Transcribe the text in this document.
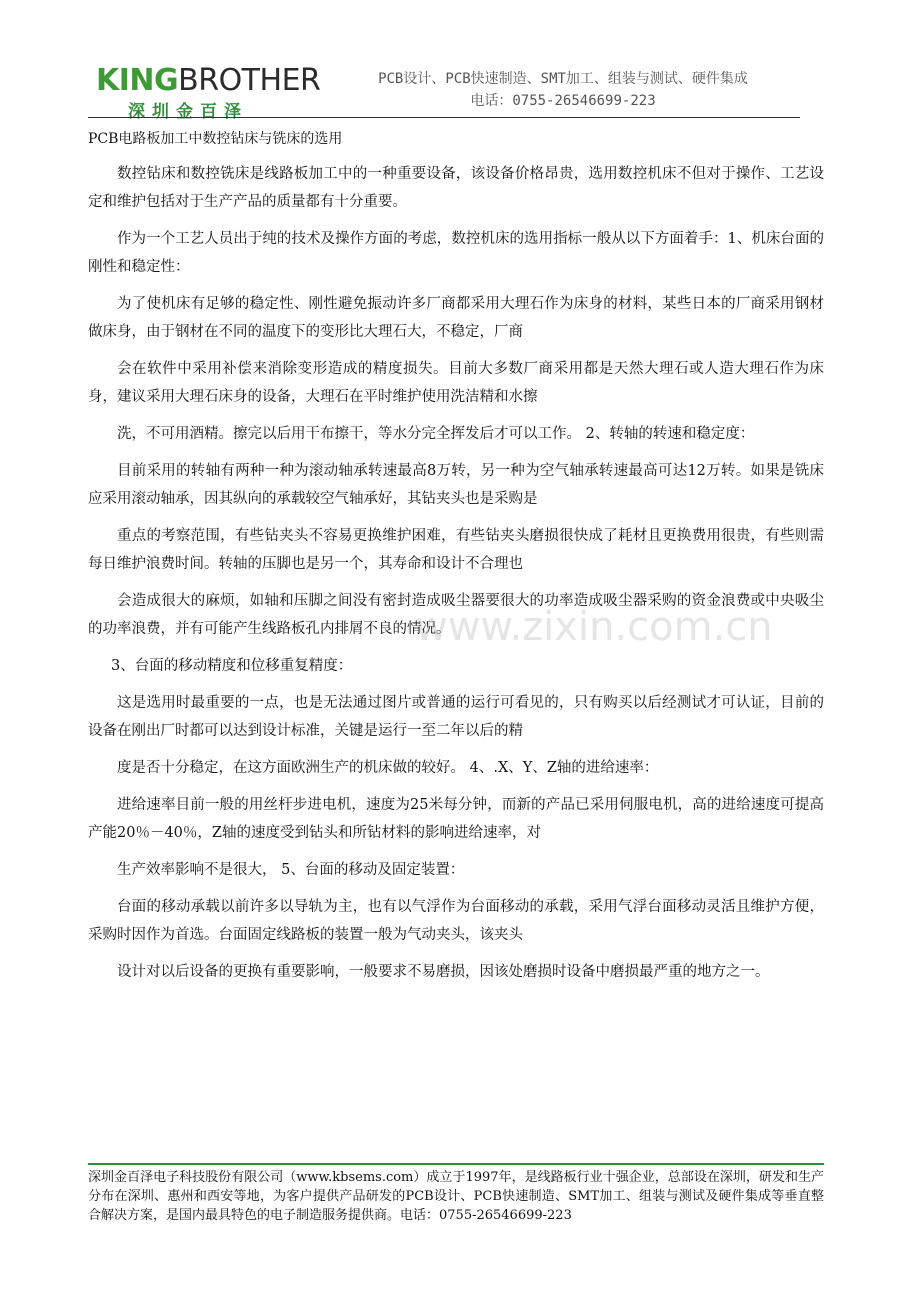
KINGBROTHER
深圳金百泽
PCB设计、PCB快速制造、SMT加工、组装与测试、硬件集成
电话：0755-26546699-223
PCB电路板加工中数控钻床与铣床的选用

数控钻床和数控铣床是线路板加工中的一种重要设备，该设备价格昂贵，选用数控机床不但对于操作、工艺设定和维护包括对于生产产品的质量都有十分重要。

作为一个工艺人员出于纯的技术及操作方面的考虑，数控机床的选用指标一般从以下方面着手：1、机床台面的刚性和稳定性：

为了使机床有足够的稳定性、刚性避免振动许多厂商都采用大理石作为床身的材料，某些日本的厂商采用钢材做床身，由于钢材在不同的温度下的变形比大理石大，不稳定，厂商

会在软件中采用补偿来消除变形造成的精度损失。目前大多数厂商采用都是天然大理石或人造大理石作为床身，建议采用大理石床身的设备，大理石在平时维护使用洗洁精和水擦

洗，不可用酒精。擦完以后用干布擦干，等水分完全挥发后才可以工作。 2、转轴的转速和稳定度：

目前采用的转轴有两种一种为滚动轴承转速最高8万转，另一种为空气轴承转速最高可达12万转。如果是铣床应采用滚动轴承，因其纵向的承载较空气轴承好，其钻夹头也是采购是

重点的考察范围，有些钻夹头不容易更换维护困难，有些钻夹头磨损很快成了耗材且更换费用很贵，有些则需每日维护浪费时间。转轴的压脚也是另一个，其寿命和设计不合理也

会造成很大的麻烦，如轴和压脚之间没有密封造成吸尘器要很大的功率造成吸尘器采购的资金浪费或中央吸尘的功率浪费，并有可能产生线路板孔内排屑不良的情况。

3、台面的移动精度和位移重复精度：

这是选用时最重要的一点，也是无法通过图片或普通的运行可看见的，只有购买以后经测试才可认证，目前的设备在刚出厂时都可以达到设计标准，关键是运行一至二年以后的精

度是否十分稳定，在这方面欧洲生产的机床做的较好。 4、.X、Y、Z轴的进给速率：

进给速率目前一般的用丝杆步进电机，速度为25米每分钟，而新的产品已采用伺服电机，高的进给速度可提高产能20％－40％，Z轴的速度受到钻头和所钻材料的影响进给速率，对

生产效率影响不是很大， 5、台面的移动及固定装置：

台面的移动承载以前许多以导轨为主，也有以气浮作为台面移动的承载，采用气浮台面移动灵活且维护方便，采购时因作为首选。台面固定线路板的装置一般为气动夹头，该夹头

设计对以后设备的更换有重要影响，一般要求不易磨损，因该处磨损时设备中磨损最严重的地方之一。

www.zixin.com.cn
深圳金百泽电子科技股份有限公司（www.kbsems.com）成立于1997年，是线路板行业十强企业，总部设在深圳，研发和生产分布在深圳、惠州和西安等地，为客户提供产品研发的PCB设计、PCB快速制造、SMT加工、组装与测试及硬件集成等垂直整合解决方案，是国内最具特色的电子制造服务提供商。电话：0755-26546699-223
